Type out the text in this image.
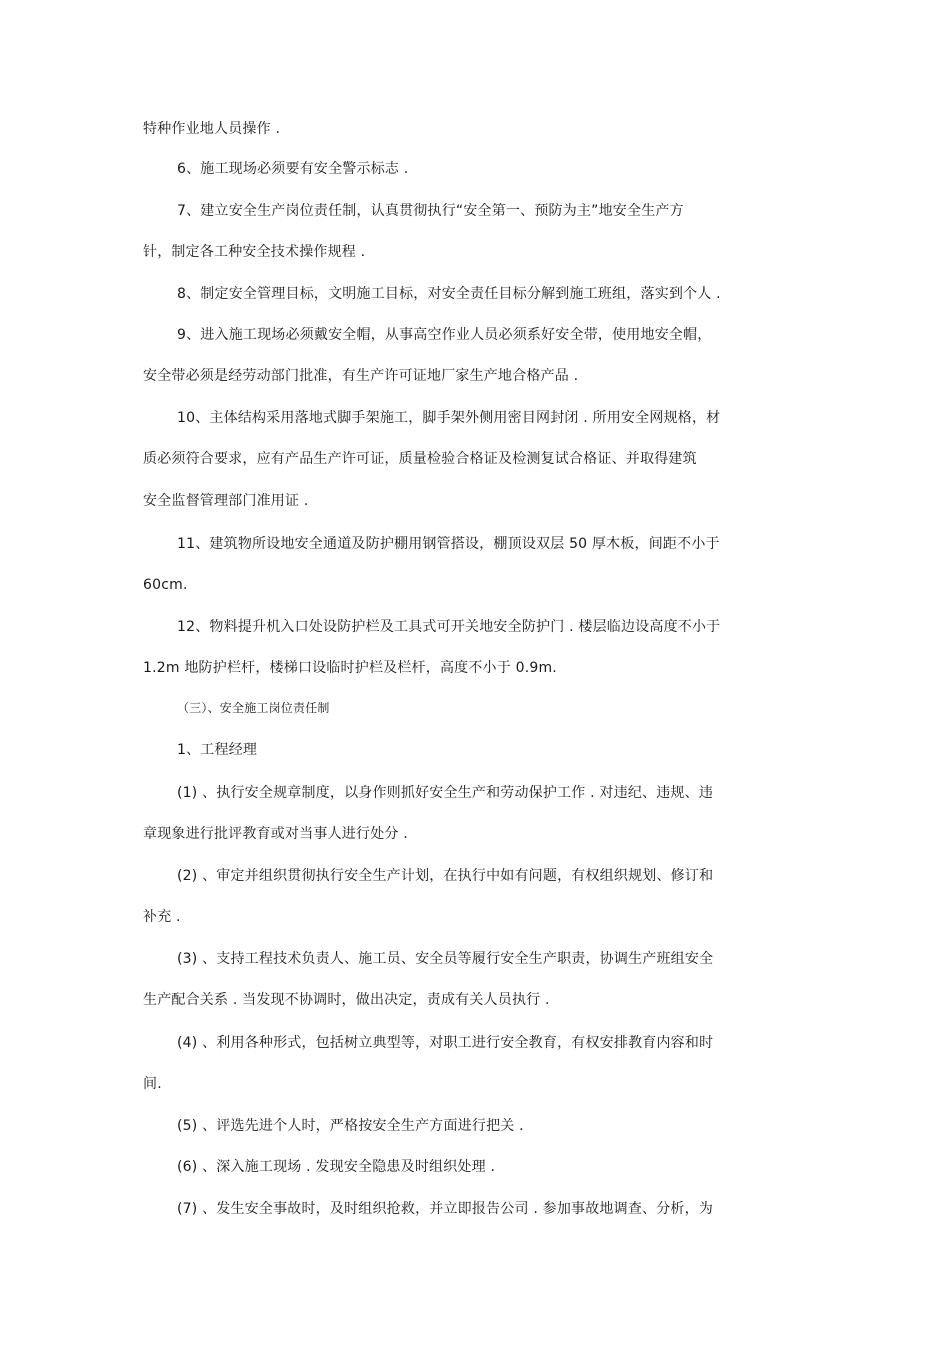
特种作业地人员操作 .
6、施工现场必须要有安全警示标志 .
7、建立安全生产岗位责任制，认真贯彻执行“安全第一、预防为主”地安全生产方
针，制定各工种安全技术操作规程 .
8、制定安全管理目标，文明施工目标，对安全责任目标分解到施工班组，落实到个人 .
9、进入施工现场必须戴安全帽，从事高空作业人员必须系好安全带，使用地安全帽，
安全带必须是经劳动部门批准，有生产许可证地厂家生产地合格产品 .
10、主体结构采用落地式脚手架施工，脚手架外侧用密目网封闭 . 所用安全网规格，材
质必须符合要求，应有产品生产许可证，质量检验合格证及检测复试合格证、并取得建筑
安全监督管理部门准用证 .
11、建筑物所设地安全通道及防护棚用钢管搭设，棚顶设双层 50 厚木板，间距不小于
60cm.
12、物料提升机入口处设防护栏及工具式可开关地安全防护门 . 楼层临边设高度不小于
1.2m 地防护栏杆，楼梯口设临时护栏及栏杆，高度不小于 0.9m.
（三）、安全施工岗位责任制
1、工程经理
(1) 、执行安全规章制度，以身作则抓好安全生产和劳动保护工作 . 对违纪、违规、违
章现象进行批评教育或对当事人进行处分 .
(2) 、审定并组织贯彻执行安全生产计划，在执行中如有问题，有权组织规划、修订和
补充 .
(3) 、支持工程技术负责人、施工员、安全员等履行安全生产职责，协调生产班组安全
生产配合关系 . 当发现不协调时，做出决定，责成有关人员执行 .
(4) 、利用各种形式，包括树立典型等，对职工进行安全教育，有权安排教育内容和时
间.
(5) 、评选先进个人时，严格按安全生产方面进行把关 .
(6) 、深入施工现场 . 发现安全隐患及时组织处理 .
(7) 、发生安全事故时，及时组织抢救，并立即报告公司 . 参加事故地调查、分析，为
